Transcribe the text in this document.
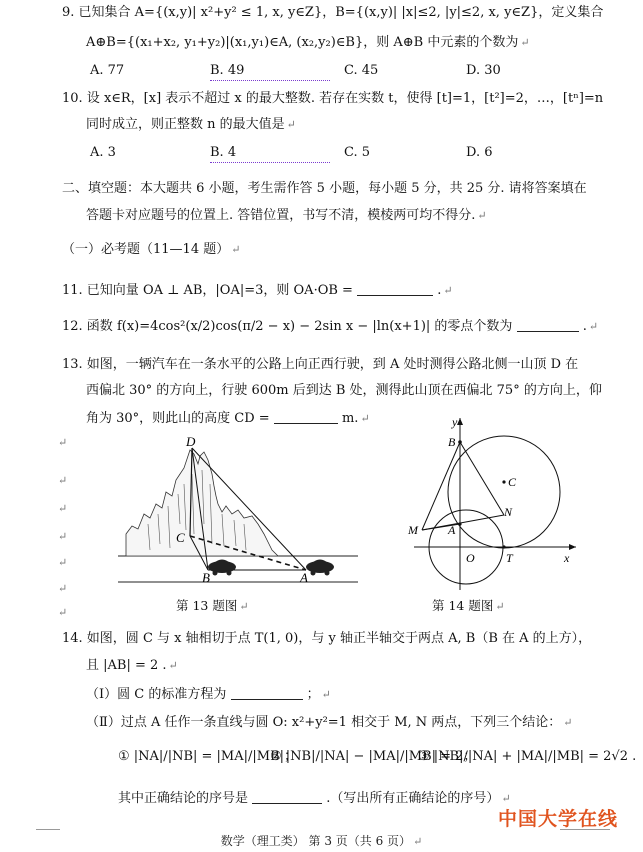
9. 已知集合 A={(x,y)| x²+y² ≤ 1, x, y∈Z}，B={(x,y)| |x|≤2, |y|≤2, x, y∈Z}，定义集合
A⊕B={(x₁+x₂, y₁+y₂)|(x₁,y₁)∈A, (x₂,y₂)∈B}，则 A⊕B 中元素的个数为 ↵
A. 77	B. 49	C. 45	D. 30
10. 设 x∈R，[x] 表示不超过 x 的最大整数. 若存在实数 t，使得 [t]=1，[t²]=2，…，[tⁿ]=n
同时成立，则正整数 n 的最大值是 ↵
A. 3	B. 4	C. 5	D. 6
二、填空题：本大题共 6 小题，考生需作答 5 小题，每小题 5 分，共 25 分. 请将答案填在
答题卡对应题号的位置上. 答错位置，书写不清，模棱两可均不得分. ↵
（一）必考题（11—14 题） ↵
11. 已知向量 OA ⊥ AB，|OA|=3，则 OA·OB =	. ↵
12. 函数 f(x)=4cos²(x/2)cos(π/2 − x) − 2sin x − |ln(x+1)| 的零点个数为	. ↵
13. 如图，一辆汽车在一条水平的公路上向正西行驶，到 A 处时测得公路北侧一山顶 D 在
西偏北 30° 的方向上，行驶 600m 后到达 B 处，测得此山顶在西偏北 75° 的方向上，仰
角为 30°，则此山的高度 CD =	m. ↵
↵
↵
↵
↵
↵
↵
↵
D
C
B	A
第 13 题图 ↵
y
x
B
C
N
M	A
O	T
第 14 题图 ↵
14. 如图，圆 C 与 x 轴相切于点 T(1, 0)，与 y 轴正半轴交于两点 A, B（B 在 A 的上方），
且 |AB| = 2 . ↵
（Ⅰ）圆 C 的标准方程为	； ↵
（Ⅱ）过点 A 任作一条直线与圆 O: x²+y²=1 相交于 M, N 两点，下列三个结论： ↵
① |NA|/|NB| = |MA|/|MB|；
② |NB|/|NA| − |MA|/|MB| = 2；
③ |NB|/|NA| + |MA|/|MB| = 2√2 .
其中正确结论的序号是	.（写出所有正确结论的序号） ↵
中国大学在线
数学（理工类） 第 3 页（共 6 页） ↵
